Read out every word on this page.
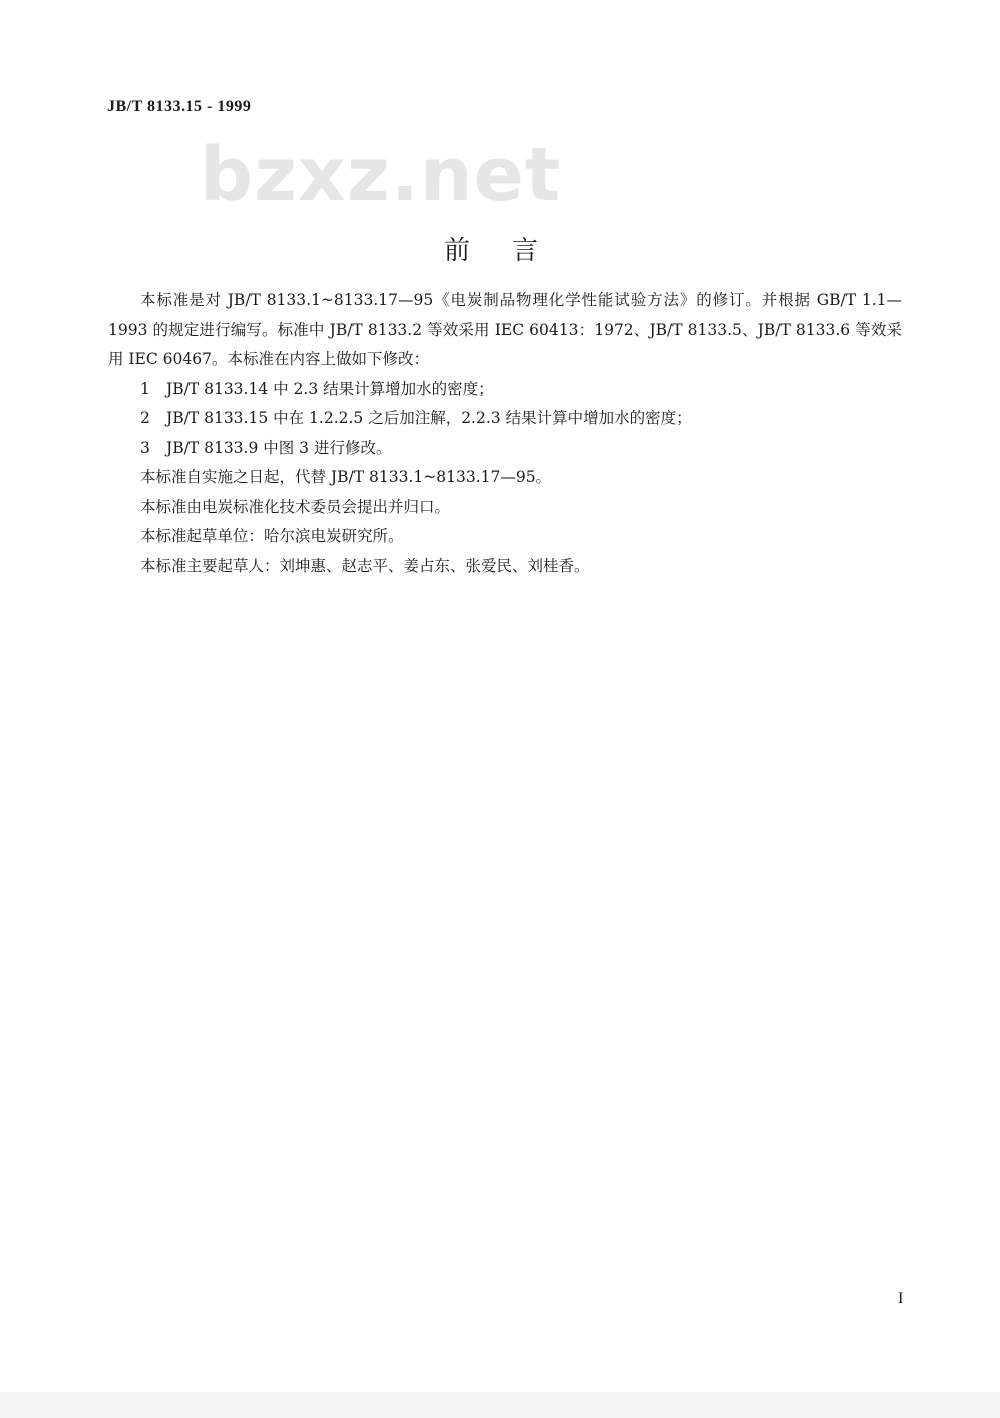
JB/T 8133.15 - 1999
bzxz.net
前言

本标准是对 JB/T 8133.1~8133.17—95《电炭制品物理化学性能试验方法》的修订。并根据 GB/T 1.1—1993 的规定进行编写。标准中 JB/T 8133.2 等效采用 IEC 60413：1972、JB/T 8133.5、JB/T 8133.6 等效采用 IEC 60467。本标准在内容上做如下修改：

1 JB/T 8133.14 中 2.3 结果计算增加水的密度；

2 JB/T 8133.15 中在 1.2.2.5 之后加注解，2.2.3 结果计算中增加水的密度；

3 JB/T 8133.9 中图 3 进行修改。

本标准自实施之日起，代替 JB/T 8133.1~8133.17—95。

本标准由电炭标准化技术委员会提出并归口。

本标准起草单位：哈尔滨电炭研究所。

本标准主要起草人：刘坤惠、赵志平、姜占东、张爱民、刘桂香。

I
